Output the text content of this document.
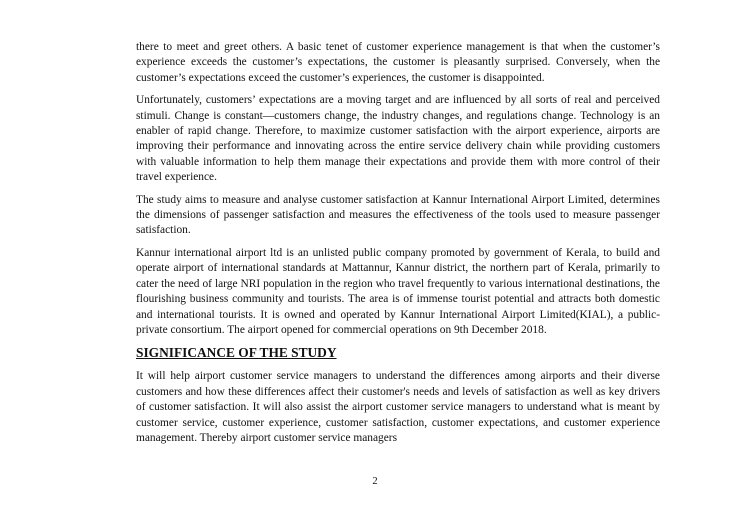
there to meet and greet others. A basic tenet of customer experience management is that when the customer’s experience exceeds the customer’s expectations, the customer is pleasantly surprised. Conversely, when the customer’s expectations exceed the customer’s experiences, the customer is disappointed.

Unfortunately, customers’ expectations are a moving target and are influenced by all sorts of real and perceived stimuli. Change is constant—customers change, the industry changes, and regulations change. Technology is an enabler of rapid change. Therefore, to maximize customer satisfaction with the airport experience, airports are improving their performance and innovating across the entire service delivery chain while providing customers with valuable information to help them manage their expectations and provide them with more control of their travel experience.

The study aims to measure and analyse customer satisfaction at Kannur International Airport Limited, determines the dimensions of passenger satisfaction and measures the effectiveness of the tools used to measure passenger satisfaction.

Kannur international airport ltd is an unlisted public company promoted by government of Kerala, to build and operate airport of international standards at Mattannur, Kannur district, the northern part of Kerala, primarily to cater the need of large NRI population in the region who travel frequently to various international destinations, the flourishing business community and tourists. The area is of immense tourist potential and attracts both domestic and international tourists. It is owned and operated by Kannur International Airport Limited(KIAL), a public-private consortium. The airport opened for commercial operations on 9th December 2018.

SIGNIFICANCE OF THE STUDY

It will help airport customer service managers to understand the differences among airports and their diverse customers and how these differences affect their customer's needs and levels of satisfaction as well as key drivers of customer satisfaction. It will also assist the airport customer service managers to understand what is meant by customer service, customer experience, customer satisfaction, customer expectations, and customer experience management. Thereby airport customer service managers

2
